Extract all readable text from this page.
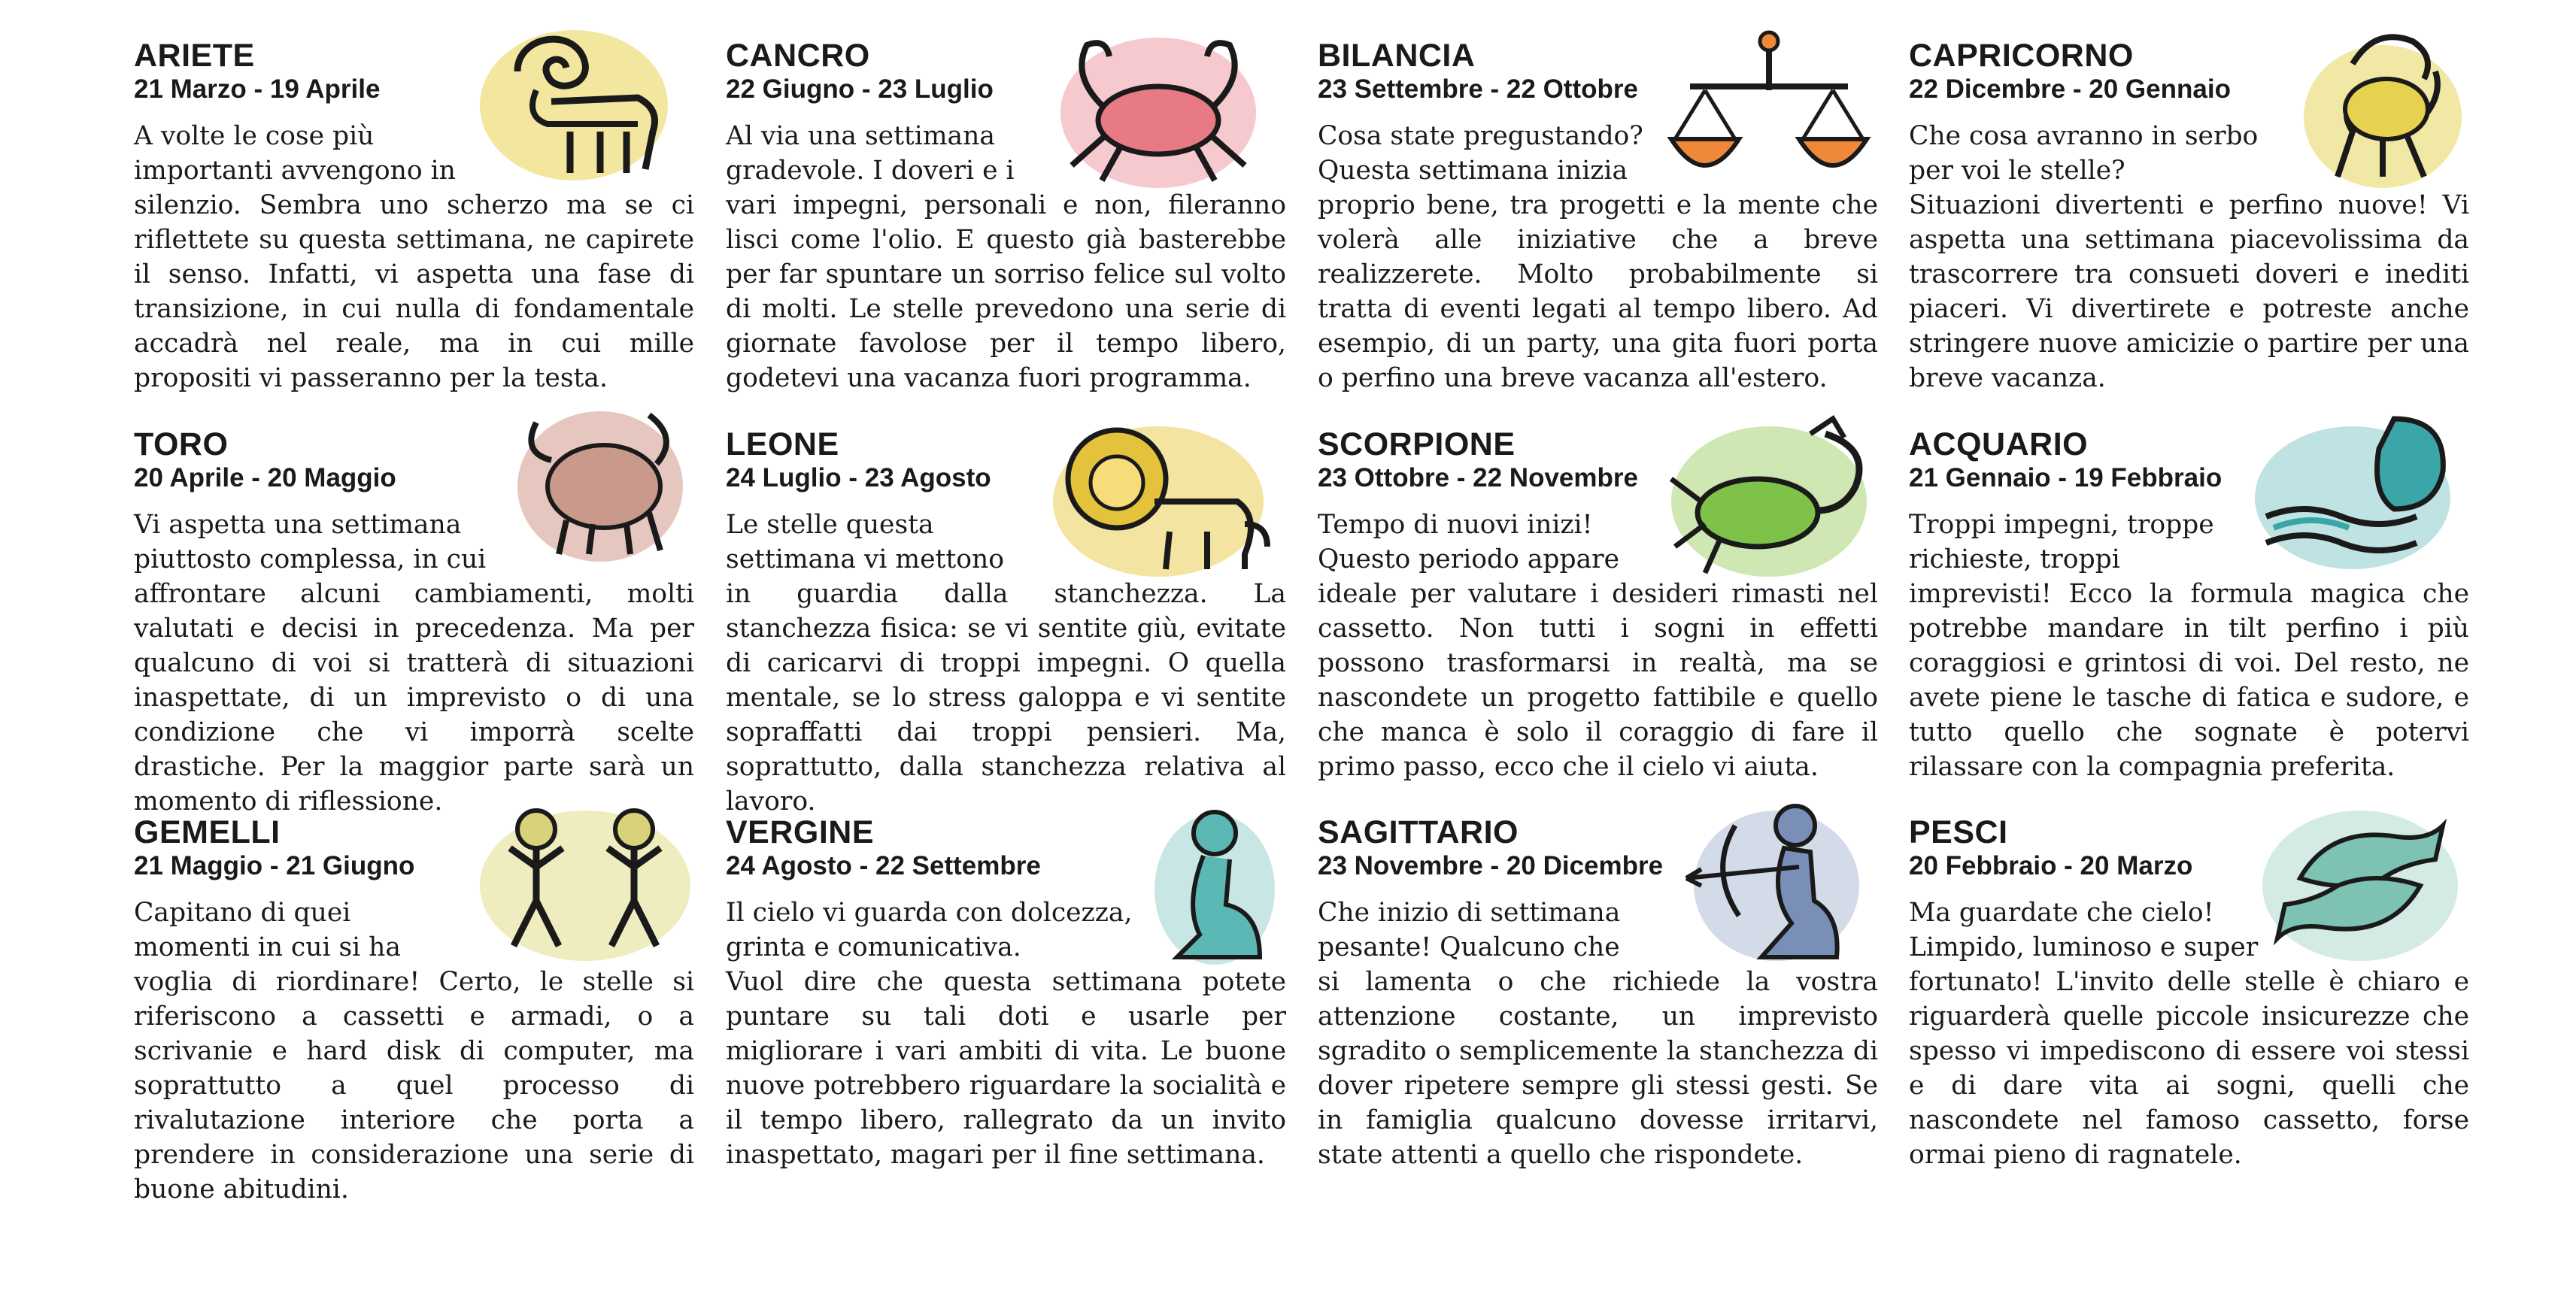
ARIETE
21 Marzo - 19 Aprile
A volte le cose più
importanti avvengono in
silenzio. Sembra uno scherzo ma se ci riflettete su questa settimana, ne capirete il senso. Infatti, vi aspetta una fase di transizione, in cui nulla di fondamentale accadrà nel reale, ma in cui mille propositi vi passeranno per la testa.
CANCRO
22 Giugno - 23 Luglio
Al via una settimana
gradevole. I doveri e i
vari impegni, personali e non, fileranno lisci come l'olio. E questo già basterebbe per far spuntare un sorriso felice sul volto di molti. Le stelle prevedono una serie di giornate favolose per il tempo libero, godetevi una vacanza fuori programma.
BILANCIA
23 Settembre - 22 Ottobre
Cosa state pregustando?
Questa settimana inizia
proprio bene, tra progetti e la mente che volerà alle iniziative che a breve realizzerete. Molto probabilmente si tratta di eventi legati al tempo libero. Ad esempio, di un party, una gita fuori porta o perfino una breve vacanza all'estero.
CAPRICORNO
22 Dicembre - 20 Gennaio
Che cosa avranno in serbo
per voi le stelle?
Situazioni divertenti e perfino nuove! Vi aspetta una settimana piacevolissima da trascorrere tra consueti doveri e inediti piaceri. Vi divertirete e potreste anche stringere nuove amicizie o partire per una breve vacanza.
TORO
20 Aprile - 20 Maggio
Vi aspetta una settimana
piuttosto complessa, in cui
affrontare alcuni cambiamenti, molti valutati e decisi in precedenza. Ma per qualcuno di voi si tratterà di situazioni inaspettate, di un imprevisto o di una condizione che vi imporrà scelte drastiche. Per la maggior parte sarà un momento di riflessione.
LEONE
24 Luglio - 23 Agosto
Le stelle questa
settimana vi mettono
in guardia dalla stanchezza. La stanchezza fisica: se vi sentite giù, evitate di caricarvi di troppi impegni. O quella mentale, se lo stress galoppa e vi sentite sopraffatti dai troppi pensieri. Ma, soprattutto, dalla stanchezza relativa al lavoro.
SCORPIONE
23 Ottobre - 22 Novembre
Tempo di nuovi inizi!
Questo periodo appare
ideale per valutare i desideri rimasti nel cassetto. Non tutti i sogni in effetti possono trasformarsi in realtà, ma se nascondete un progetto fattibile e quello che manca è solo il coraggio di fare il primo passo, ecco che il cielo vi aiuta.
ACQUARIO
21 Gennaio - 19 Febbraio
Troppi impegni, troppe
richieste, troppi
imprevisti! Ecco la formula magica che potrebbe mandare in tilt perfino i più coraggiosi e grintosi di voi. Del resto, ne avete piene le tasche di fatica e sudore, e tutto quello che sognate è potervi rilassare con la compagnia preferita.
GEMELLI
21 Maggio - 21 Giugno
Capitano di quei
momenti in cui si ha
voglia di riordinare! Certo, le stelle si riferiscono a cassetti e armadi, o a scrivanie e hard disk di computer, ma soprattutto a quel processo di rivalutazione interiore che porta a prendere in considerazione una serie di buone abitudini.
VERGINE
24 Agosto - 22 Settembre
Il cielo vi guarda con dolcezza,
grinta e comunicativa.
Vuol dire che questa settimana potete puntare su tali doti e usarle per migliorare i vari ambiti di vita. Le buone nuove potrebbero riguardare la socialità e il tempo libero, rallegrato da un invito inaspettato, magari per il fine settimana.
SAGITTARIO
23 Novembre - 20 Dicembre
Che inizio di settimana
pesante! Qualcuno che
si lamenta o che richiede la vostra attenzione costante, un imprevisto sgradito o semplicemente la stanchezza di dover ripetere sempre gli stessi gesti. Se in famiglia qualcuno dovesse irritarvi, state attenti a quello che rispondete.
PESCI
20 Febbraio - 20 Marzo
Ma guardate che cielo!
Limpido, luminoso e super
fortunato! L'invito delle stelle è chiaro e riguarderà quelle piccole insicurezze che spesso vi impediscono di essere voi stessi e di dare vita ai sogni, quelli che nascondete nel famoso cassetto, forse ormai pieno di ragnatele.
